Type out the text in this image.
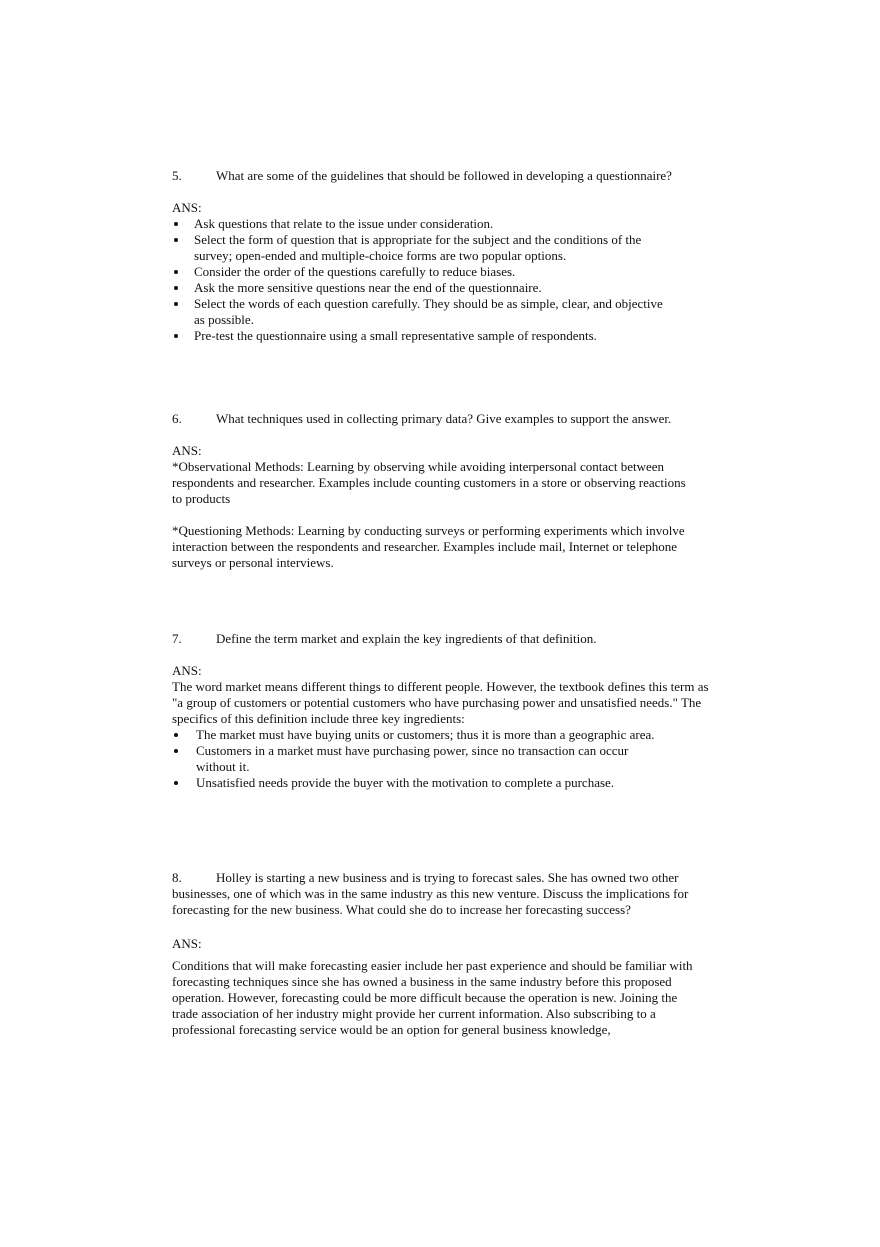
5.	What are some of the guidelines that should be followed in developing a questionnaire?

ANS:

Ask questions that relate to the issue under consideration.
Select the form of question that is appropriate for the subject and the conditions of the survey; open-ended and multiple-choice forms are two popular options.
Consider the order of the questions carefully to reduce biases.
Ask the more sensitive questions near the end of the questionnaire.
Select the words of each question carefully. They should be as simple, clear, and objective as possible.
Pre-test the questionnaire using a small representative sample of respondents.

6.	What techniques used in collecting primary data? Give examples to support the answer.

ANS:

*Observational Methods: Learning by observing while avoiding interpersonal contact between respondents and researcher. Examples include counting customers in a store or observing reactions to products

*Questioning Methods: Learning by conducting surveys or performing experiments which involve interaction between the respondents and researcher. Examples include mail, Internet or telephone surveys or personal interviews.

7.	Define the term market and explain the key ingredients of that definition.

ANS:

The word market means different things to different people. However, the textbook defines this term as "a group of customers or potential customers who have purchasing power and unsatisfied needs." The specifics of this definition include three key ingredients:

The market must have buying units or customers; thus it is more than a geographic area.
Customers in a market must have purchasing power, since no transaction can occur without it.
Unsatisfied needs provide the buyer with the motivation to complete a purchase.

8.	Holley is starting a new business and is trying to forecast sales. She has owned two other businesses, one of which was in the same industry as this new venture. Discuss the implications for forecasting for the new business. What could she do to increase her forecasting success?

ANS:

Conditions that will make forecasting easier include her past experience and should be familiar with forecasting techniques since she has owned a business in the same industry before this proposed operation. However, forecasting could be more difficult because the operation is new. Joining the trade association of her industry might provide her current information. Also subscribing to a professional forecasting service would be an option for general business knowledge,
